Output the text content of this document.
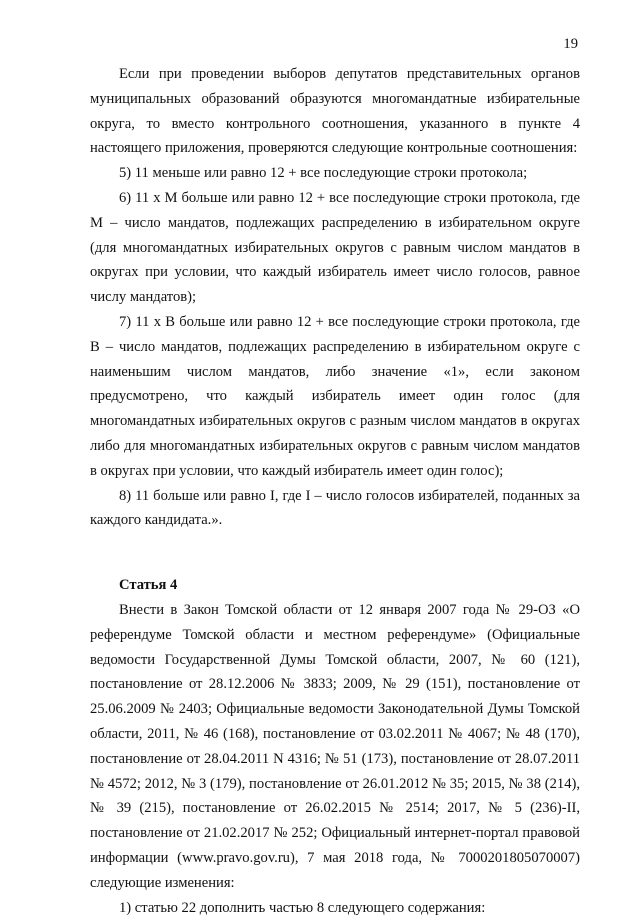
19

Если при проведении выборов депутатов представительных органов муниципальных образований образуются многомандатные избирательные округа, то вместо контрольного соотношения, указанного в пункте 4 настоящего приложения, проверяются следующие контрольные соотношения:

5) 11 меньше или равно 12 + все последующие строки протокола;

6) 11 х М больше или равно 12 + все последующие строки протокола, где М – число мандатов, подлежащих распределению в избирательном округе (для многомандатных избирательных округов с равным числом мандатов в округах при условии, что каждый избиратель имеет число голосов, равное числу мандатов);

7) 11 х В больше или равно 12 + все последующие строки протокола, где В – число мандатов, подлежащих распределению в избирательном округе с наименьшим числом мандатов, либо значение «1», если законом предусмотрено, что каждый избиратель имеет один голос (для многомандатных избирательных округов с разным числом мандатов в округах либо для многомандатных избирательных округов с равным числом мандатов в округах при условии, что каждый избиратель имеет один голос);

8) 11 больше или равно I, где I – число голосов избирателей, поданных за каждого кандидата.».

Статья 4

Внести в Закон Томской области от 12 января 2007 года № 29-ОЗ «О референдуме Томской области и местном референдуме» (Официальные ведомости Государственной Думы Томской области, 2007, № 60 (121), постановление от 28.12.2006 № 3833; 2009, № 29 (151), постановление от 25.06.2009 № 2403; Официальные ведомости Законодательной Думы Томской области, 2011, № 46 (168), постановление от 03.02.2011 № 4067; № 48 (170), постановление от 28.04.2011 N 4316; № 51 (173), постановление от 28.07.2011 № 4572; 2012, № 3 (179), постановление от 26.01.2012 № 35; 2015, № 38 (214), № 39 (215), постановление от 26.02.2015 № 2514; 2017, № 5 (236)-II, постановление от 21.02.2017 № 252; Официальный интернет-портал правовой информации (www.pravo.gov.ru), 7 мая 2018 года, № 7000201805070007) следующие изменения:

1) статью 22 дополнить частью 8 следующего содержания:
